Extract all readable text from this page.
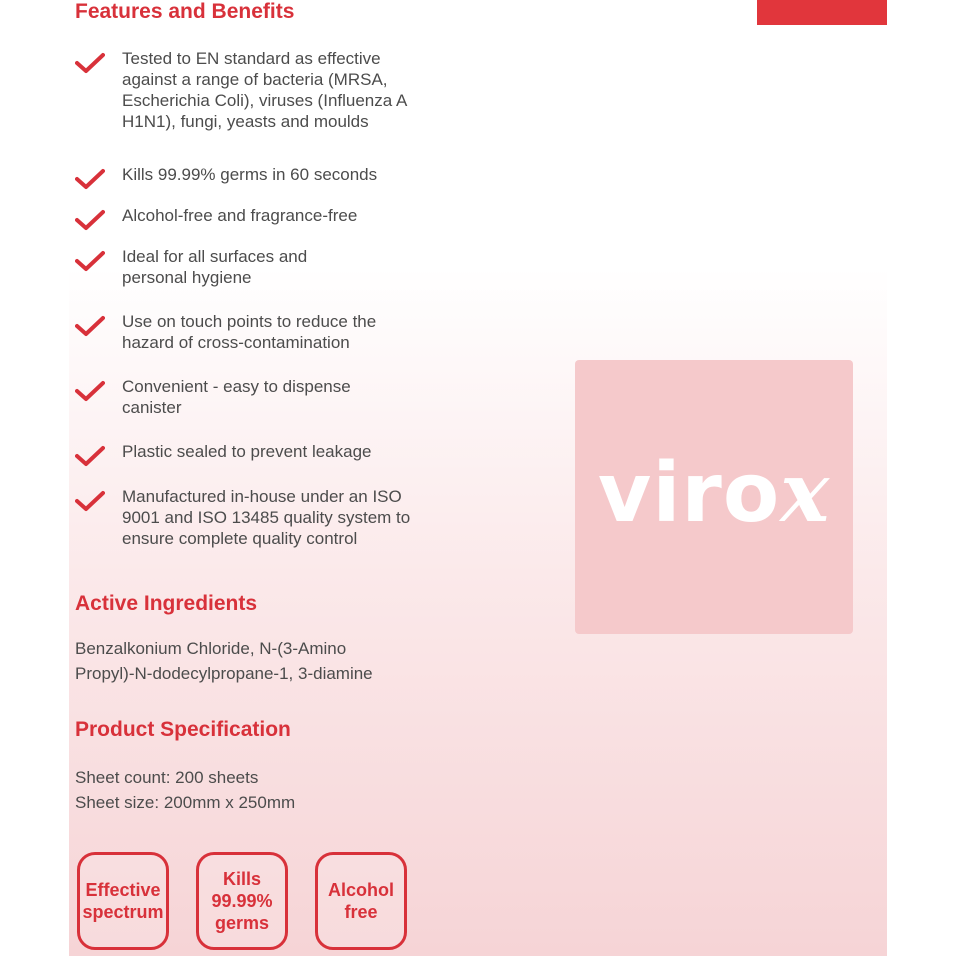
Features and Benefits
Tested to EN standard as effective
against a range of bacteria (MRSA,
Escherichia Coli), viruses (Influenza A
H1N1), fungi, yeasts and moulds
Kills 99.99% germs in 60 seconds
Alcohol-free and fragrance-free
Ideal for all surfaces and
personal hygiene
Use on touch points to reduce the
hazard of cross-contamination
Convenient - easy to dispense
canister
Plastic sealed to prevent leakage
Manufactured in-house under an ISO
9001 and ISO 13485 quality system to
ensure complete quality control
Active Ingredients

Benzalkonium Chloride, N-(3-Amino
Propyl)-N-dodecylpropane-1, 3-diamine

Product Specification

Sheet count: 200 sheets
Sheet size: 200mm x 250mm

virox
Effective
spectrum
Kills
99.99%
germs
Alcohol
free
